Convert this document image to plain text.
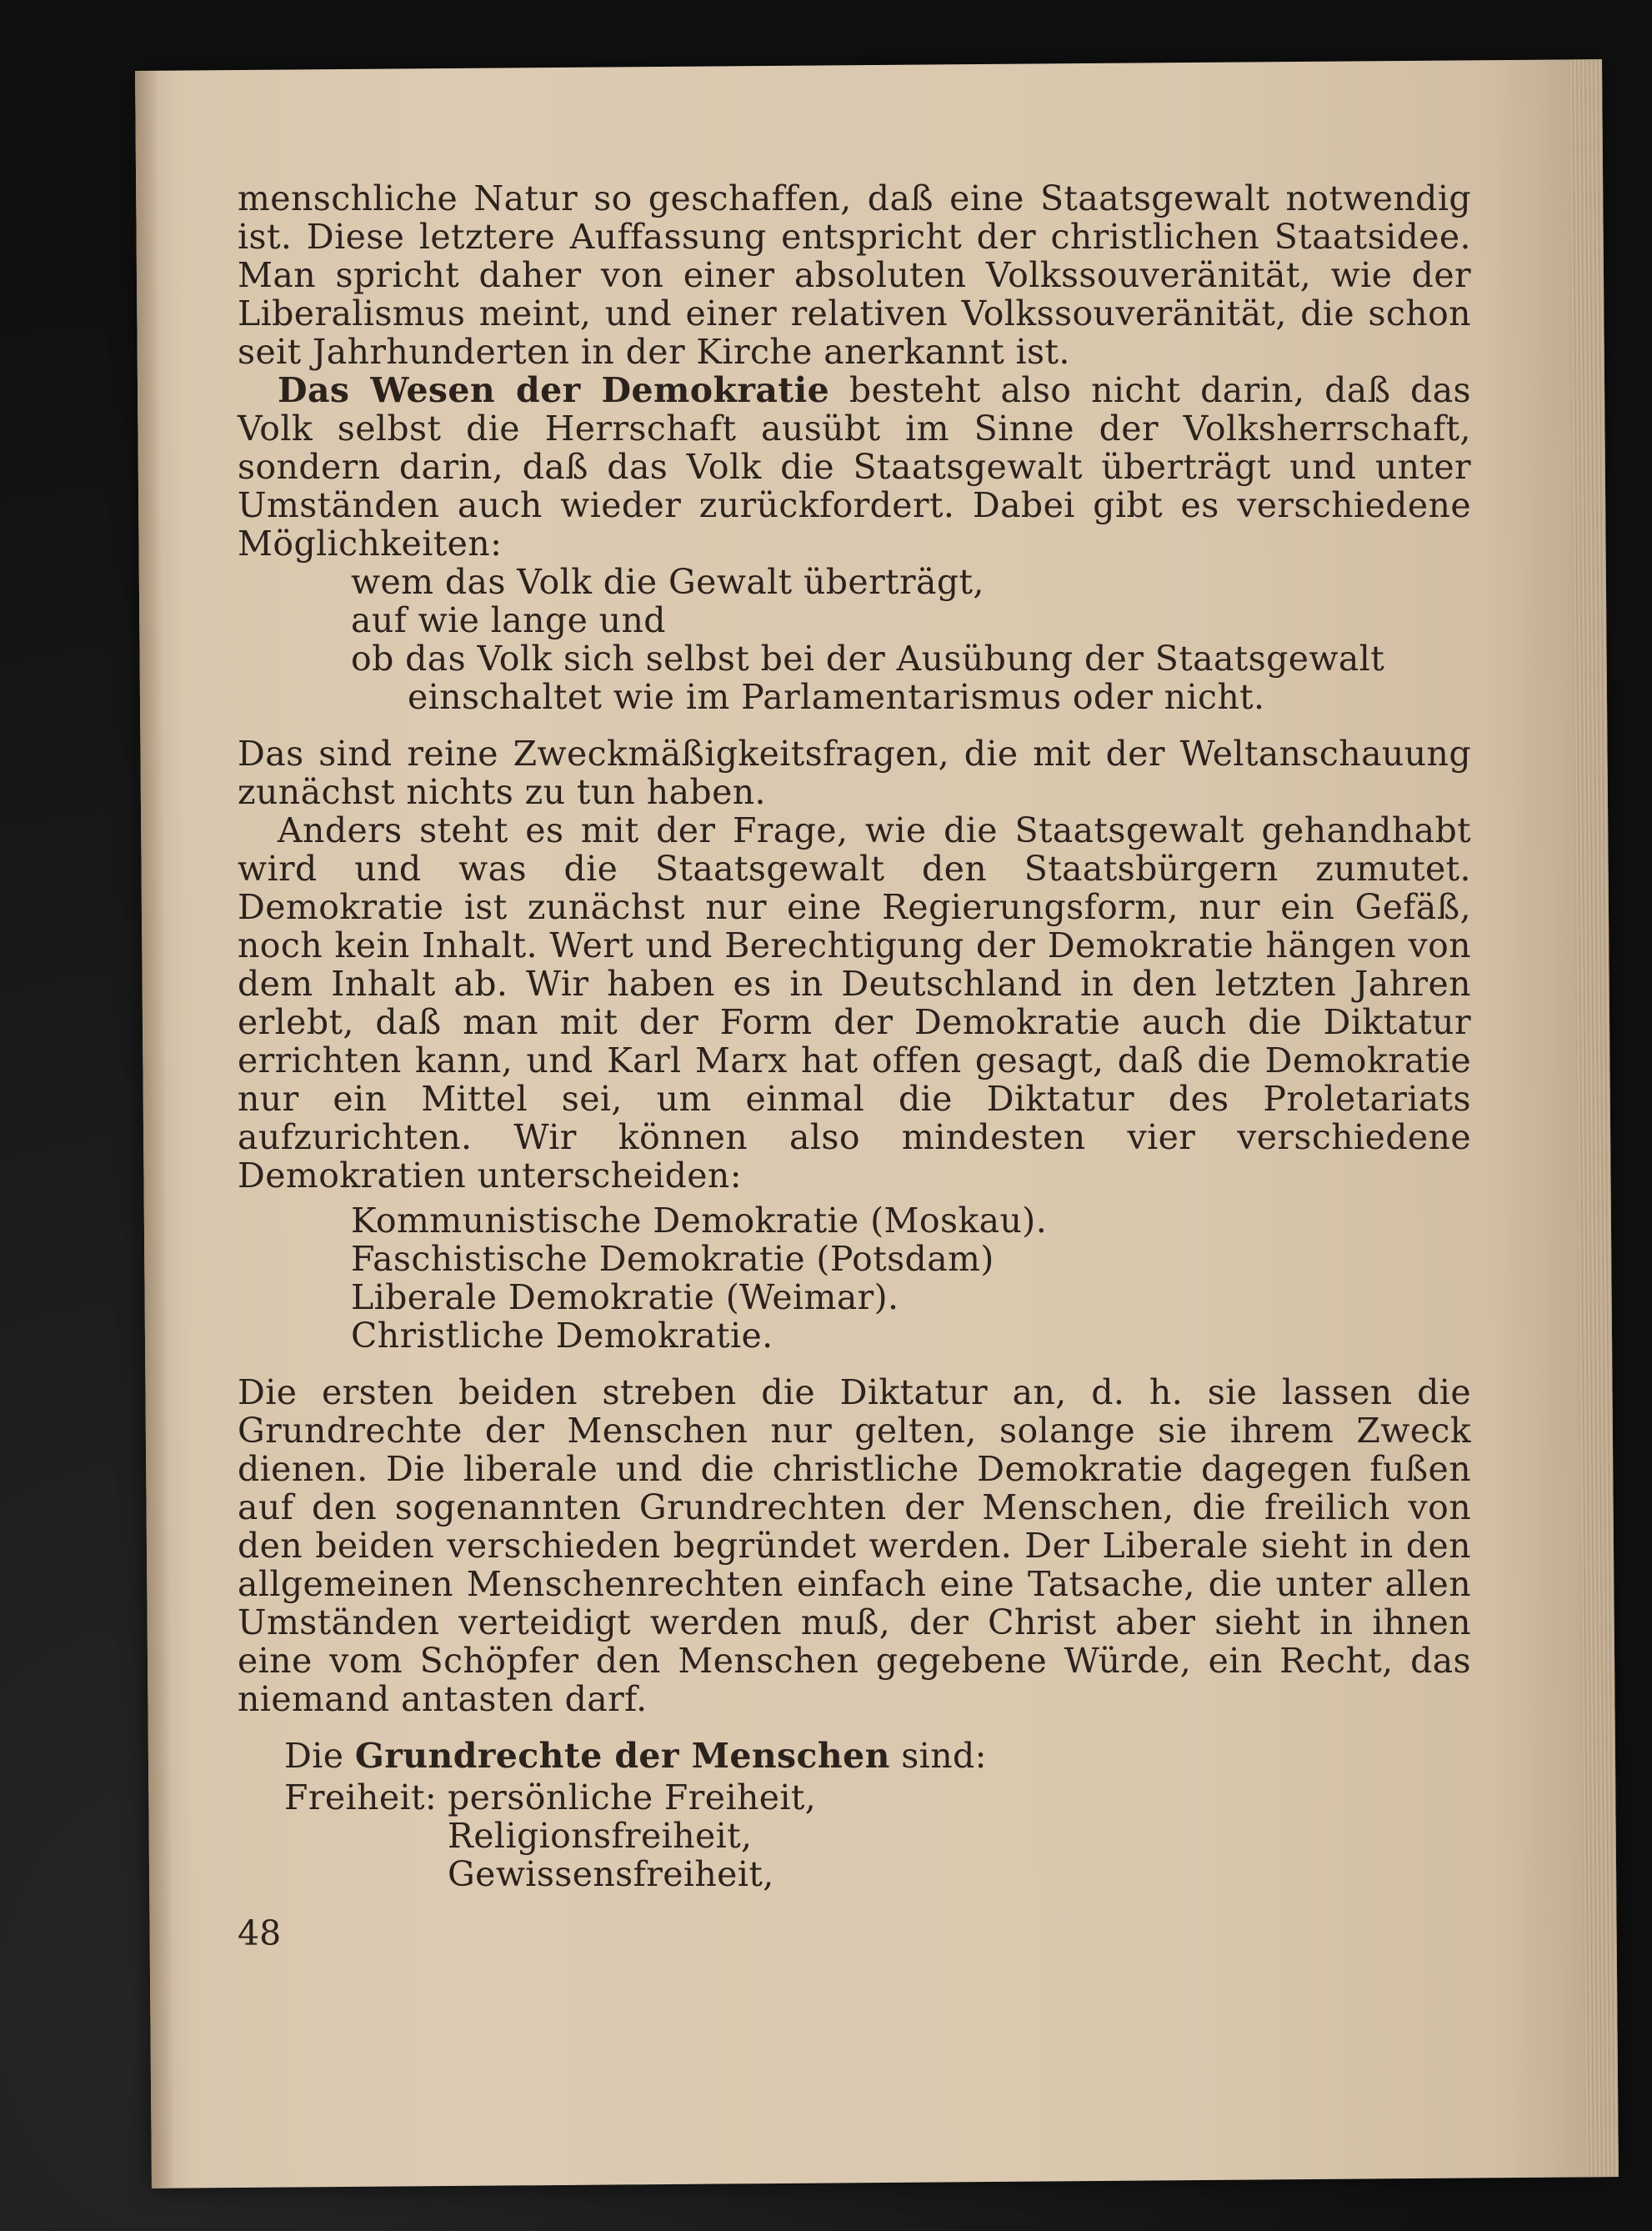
menschliche Natur so geschaffen, daß eine Staatsgewalt notwendig ist. Diese letztere Auffassung entspricht der christlichen Staatsidee. Man spricht daher von einer absoluten Volkssouveränität, wie der Liberalismus meint, und einer relativen Volkssouveränität, die schon seit Jahrhunderten in der Kirche anerkannt ist.

Das Wesen der Demokratie besteht also nicht darin, daß das Volk selbst die Herrschaft ausübt im Sinne der Volksherrschaft, sondern darin, daß das Volk die Staatsgewalt überträgt und unter Umständen auch wieder zurückfordert. Dabei gibt es verschiedene Möglichkeiten:

wem das Volk die Gewalt überträgt,
auf wie lange und
ob das Volk sich selbst bei der Ausübung der Staatsgewalt
einschaltet wie im Parlamentarismus oder nicht.

Das sind reine Zweckmäßigkeitsfragen, die mit der Weltanschauung zunächst nichts zu tun haben.

Anders steht es mit der Frage, wie die Staatsgewalt gehandhabt wird und was die Staatsgewalt den Staatsbürgern zumutet. Demokratie ist zunächst nur eine Regierungsform, nur ein Gefäß, noch kein Inhalt. Wert und Berechtigung der Demokratie hängen von dem Inhalt ab. Wir haben es in Deutschland in den letzten Jahren erlebt, daß man mit der Form der Demokratie auch die Diktatur errichten kann, und Karl Marx hat offen gesagt, daß die Demokratie nur ein Mittel sei, um einmal die Diktatur des Proletariats aufzurichten. Wir können also mindesten vier verschiedene Demokratien unterscheiden:

Kommunistische Demokratie (Moskau).
Faschistische Demokratie (Potsdam)
Liberale Demokratie (Weimar).
Christliche Demokratie.

Die ersten beiden streben die Diktatur an, d. h. sie lassen die Grundrechte der Menschen nur gelten, solange sie ihrem Zweck dienen. Die liberale und die christliche Demokratie dagegen fußen auf den sogenannten Grundrechten der Menschen, die freilich von den beiden verschieden begründet werden. Der Liberale sieht in den allgemeinen Menschenrechten einfach eine Tatsache, die unter allen Umständen verteidigt werden muß, der Christ aber sieht in ihnen eine vom Schöpfer den Menschen gegebene Würde, ein Recht, das niemand antasten darf.

Die Grundrechte der Menschen sind:
Freiheit: persönliche Freiheit,
Religionsfreiheit,
Gewissensfreiheit,
48
